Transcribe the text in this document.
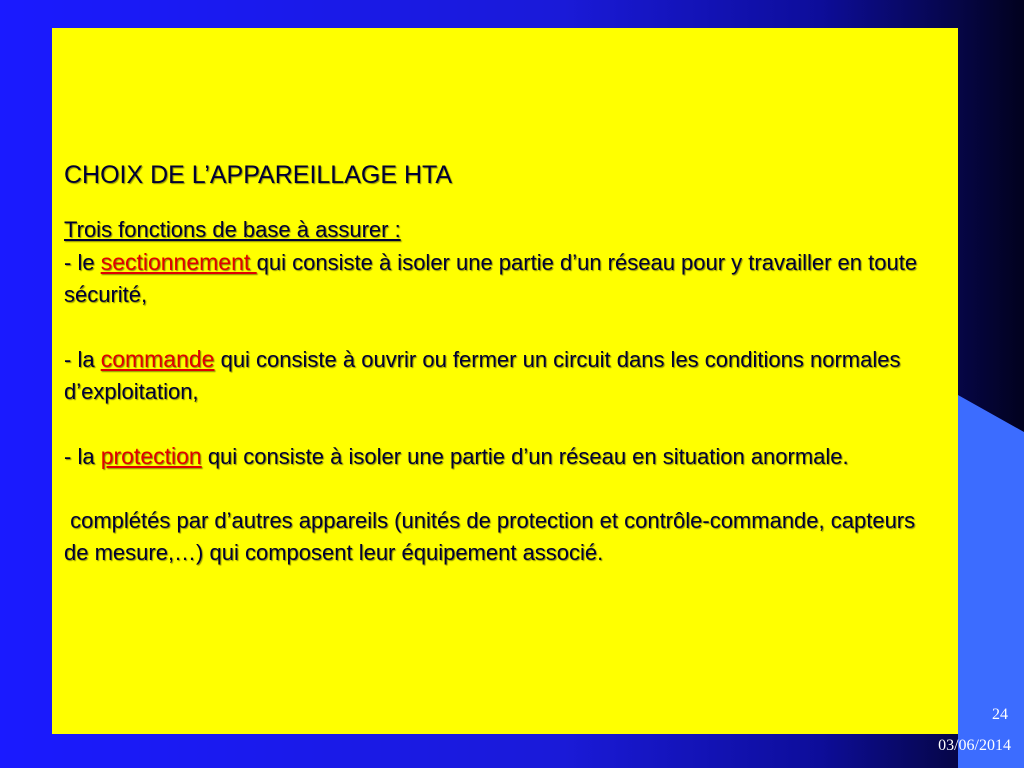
CHOIX DE L’APPAREILLAGE HTA
Trois fonctions de base à assurer :
- le sectionnement qui consiste à isoler une partie d’un réseau pour y travailler en toute sécurité,
- la commande qui consiste à ouvrir ou fermer un circuit dans les conditions normales d’exploitation,
- la protection qui consiste à isoler une partie d’un réseau en situation anormale.
complétés par d’autres appareils (unités de protection et contrôle-commande, capteurs de mesure,…) qui composent leur équipement associé.
24
03/06/2014
